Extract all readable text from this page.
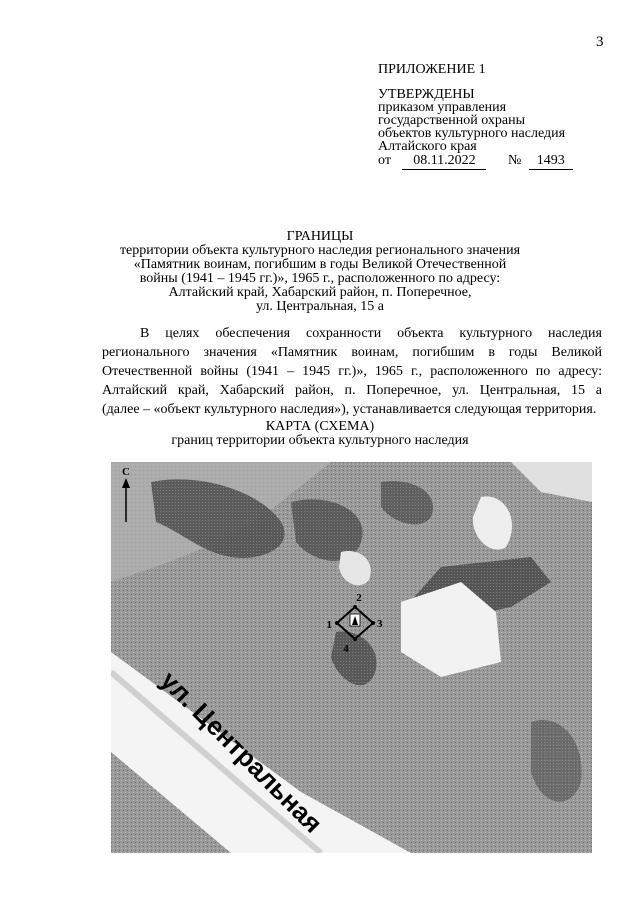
3
ПРИЛОЖЕНИЕ 1
УТВЕРЖДЕНЫ
приказом управления
государственной охраны
объектов культурного наследия
Алтайского края
от 08.11.2022 № 1493
ГРАНИЦЫ
территории объекта культурного наследия регионального значения
«Памятник воинам, погибшим в годы Великой Отечественной
войны (1941 – 1945 гг.)», 1965 г., расположенного по адресу:
Алтайский край, Хабарский район, п. Поперечное,
ул. Центральная, 15 а
В целях обеспечения сохранности объекта культурного наследия
регионального значения «Памятник воинам, погибшим в годы Великой
Отечественной войны (1941 – 1945 гг.)», 1965 г., расположенного по адресу:
Алтайский край, Хабарский район, п. Поперечное, ул. Центральная, 15 а
(далее – «объект культурного наследия»), устанавливается следующая территория.
КАРТА (СХЕМА)
границ территории объекта культурного наследия
С
1
2
3
4
ул. Центральная
